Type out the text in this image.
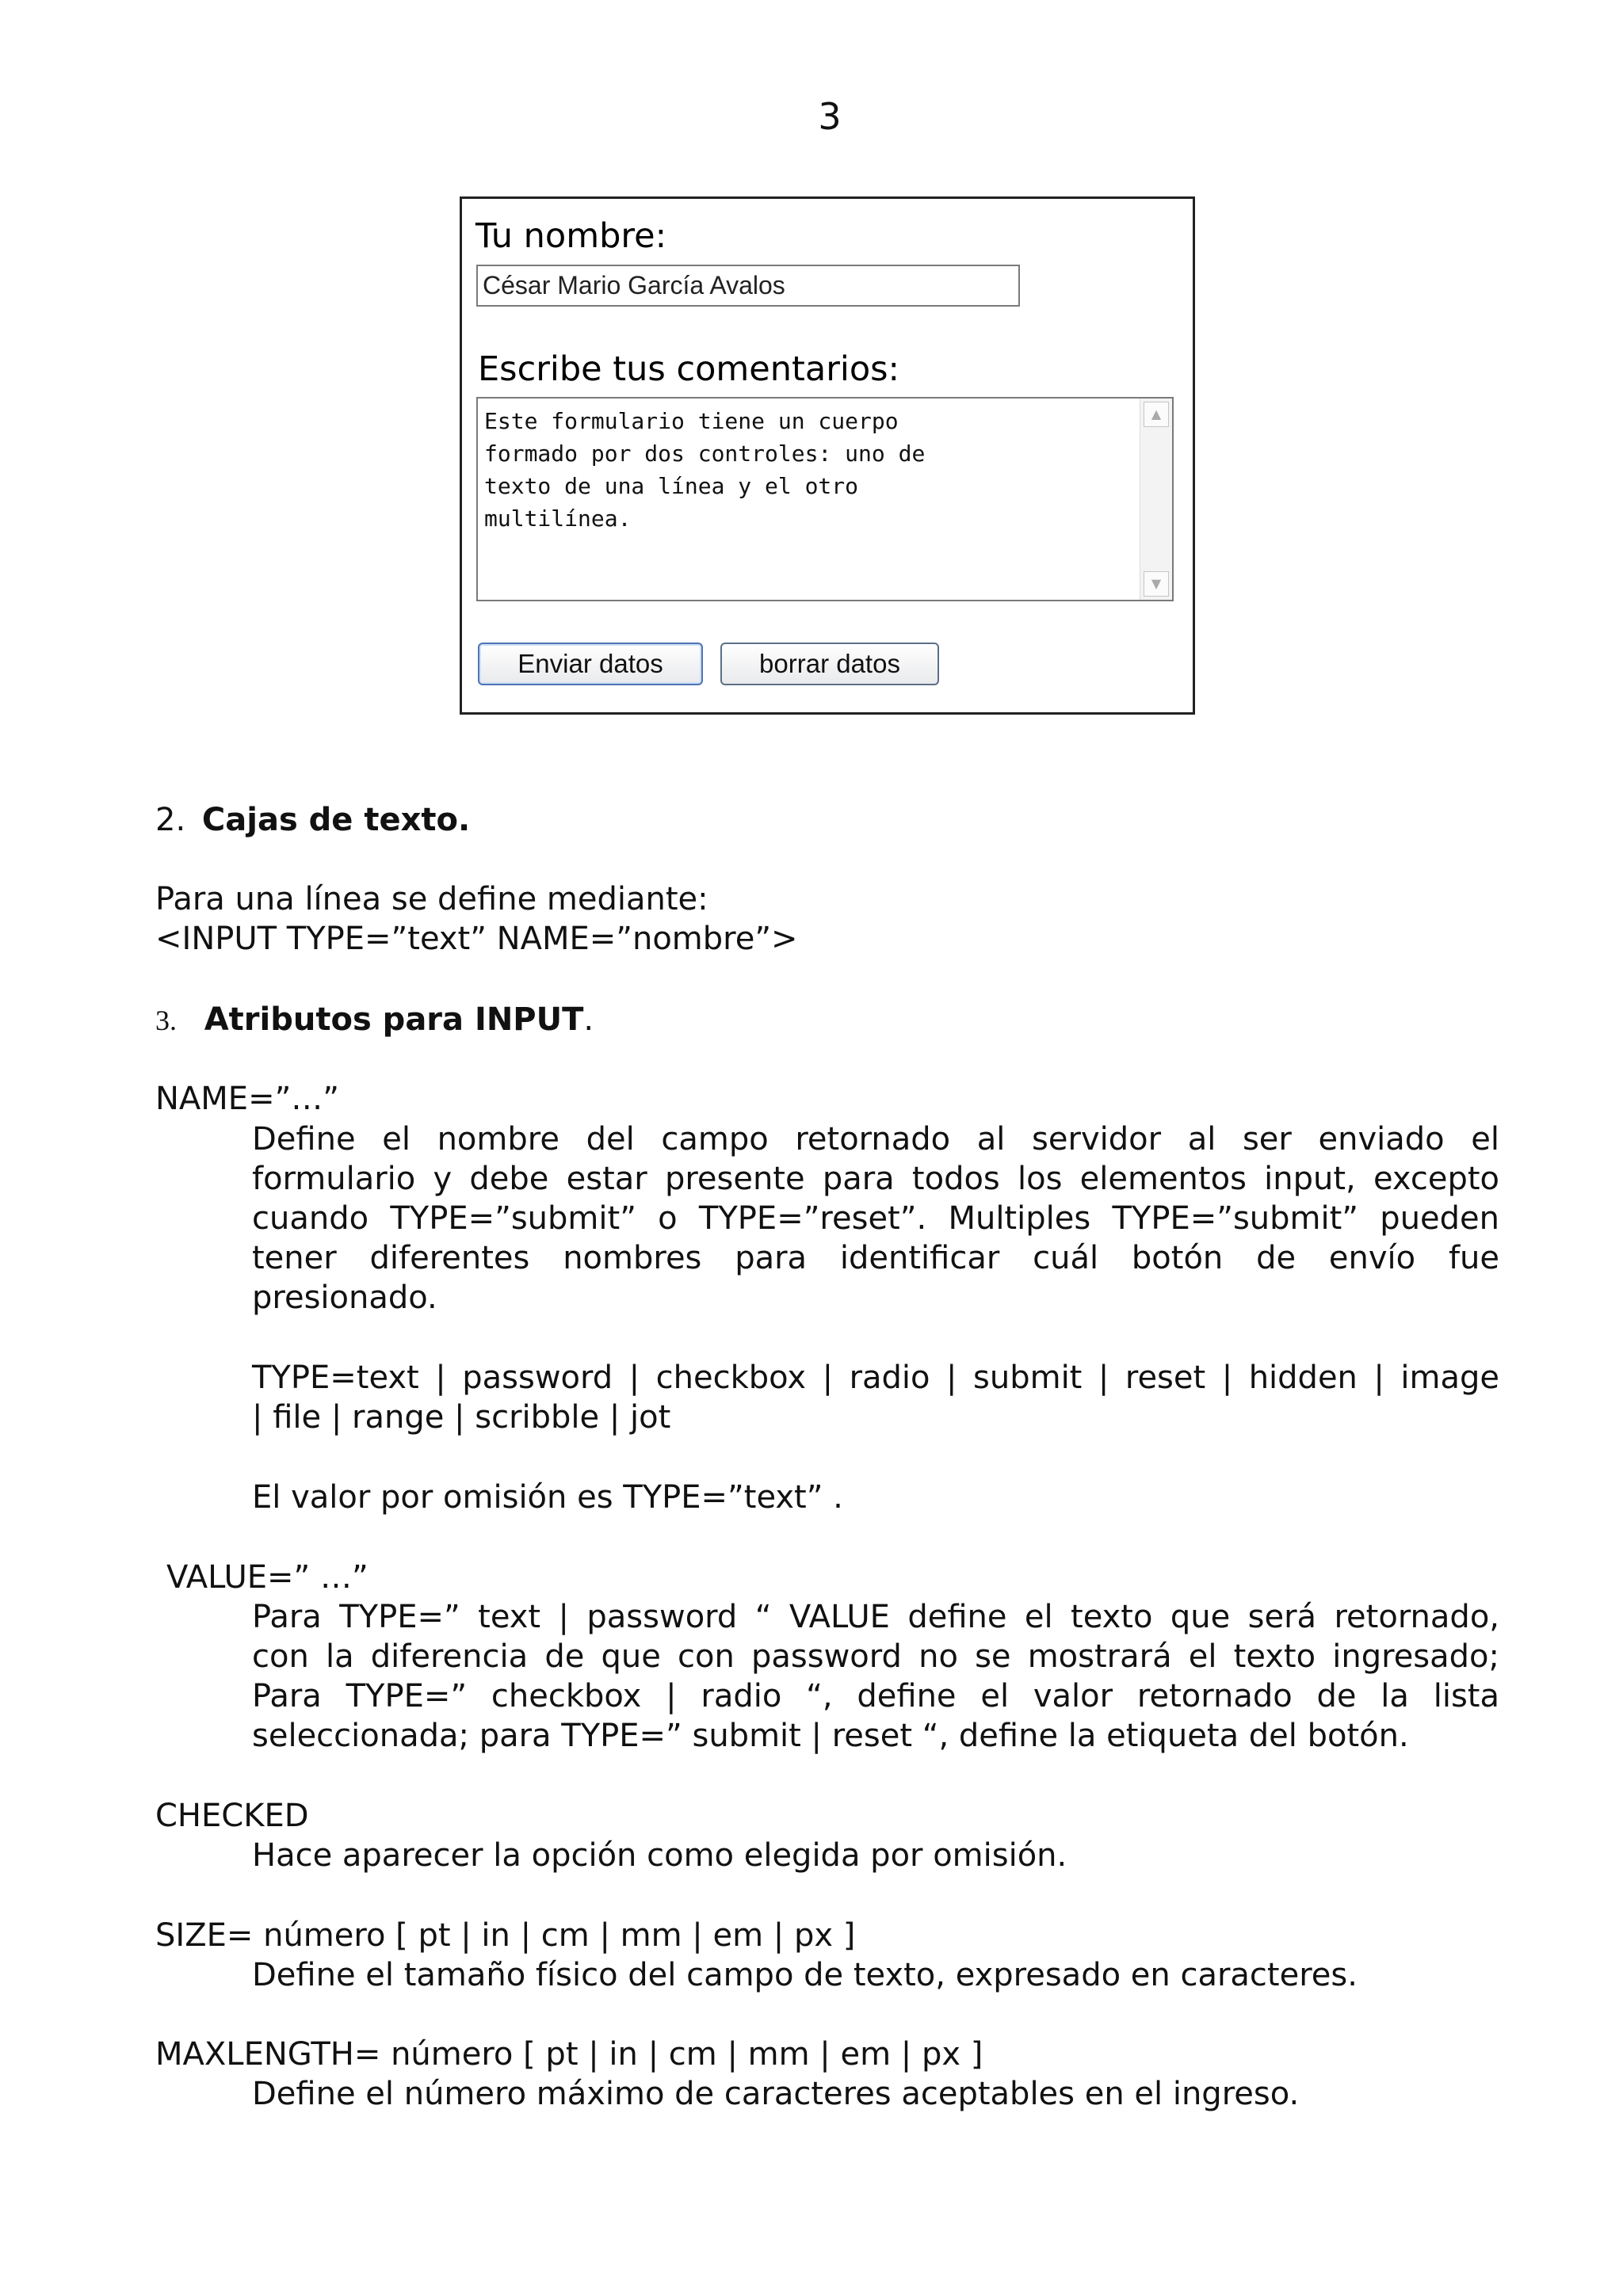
3
Tu nombre:
César Mario García Avalos
Escribe tus comentarios:
Este formulario tiene un cuerpo
formado por dos controles: uno de
texto de una línea y el otro
multilínea.
▲
▼
Enviar datos	borrar datos
2. Cajas de texto.
Para una línea se define mediante:
<INPUT TYPE=”text” NAME=”nombre”>
3. Atributos para INPUT.
NAME=”…”
Define el nombre del campo retornado al servidor al ser enviado el
formulario y debe estar presente para todos los elementos input, excepto
cuando TYPE=”submit” o TYPE=”reset”. Multiples TYPE=”submit” pueden
tener diferentes nombres para identificar cuál botón de envío fue
presionado.
TYPE=text | password | checkbox | radio | submit | reset | hidden | image
| file | range | scribble | jot
El valor por omisión es TYPE=”text” .
VALUE=” …”
Para TYPE=” text | password “ VALUE define el texto que será retornado,
con la diferencia de que con password no se mostrará el texto ingresado;
Para TYPE=” checkbox | radio “, define el valor retornado de la lista
seleccionada; para TYPE=” submit | reset “, define la etiqueta del botón.
CHECKED
Hace aparecer la opción como elegida por omisión.
SIZE= número [ pt | in | cm | mm | em | px ]
Define el tamaño físico del campo de texto, expresado en caracteres.
MAXLENGTH= número [ pt | in | cm | mm | em | px ]
Define el número máximo de caracteres aceptables en el ingreso.
